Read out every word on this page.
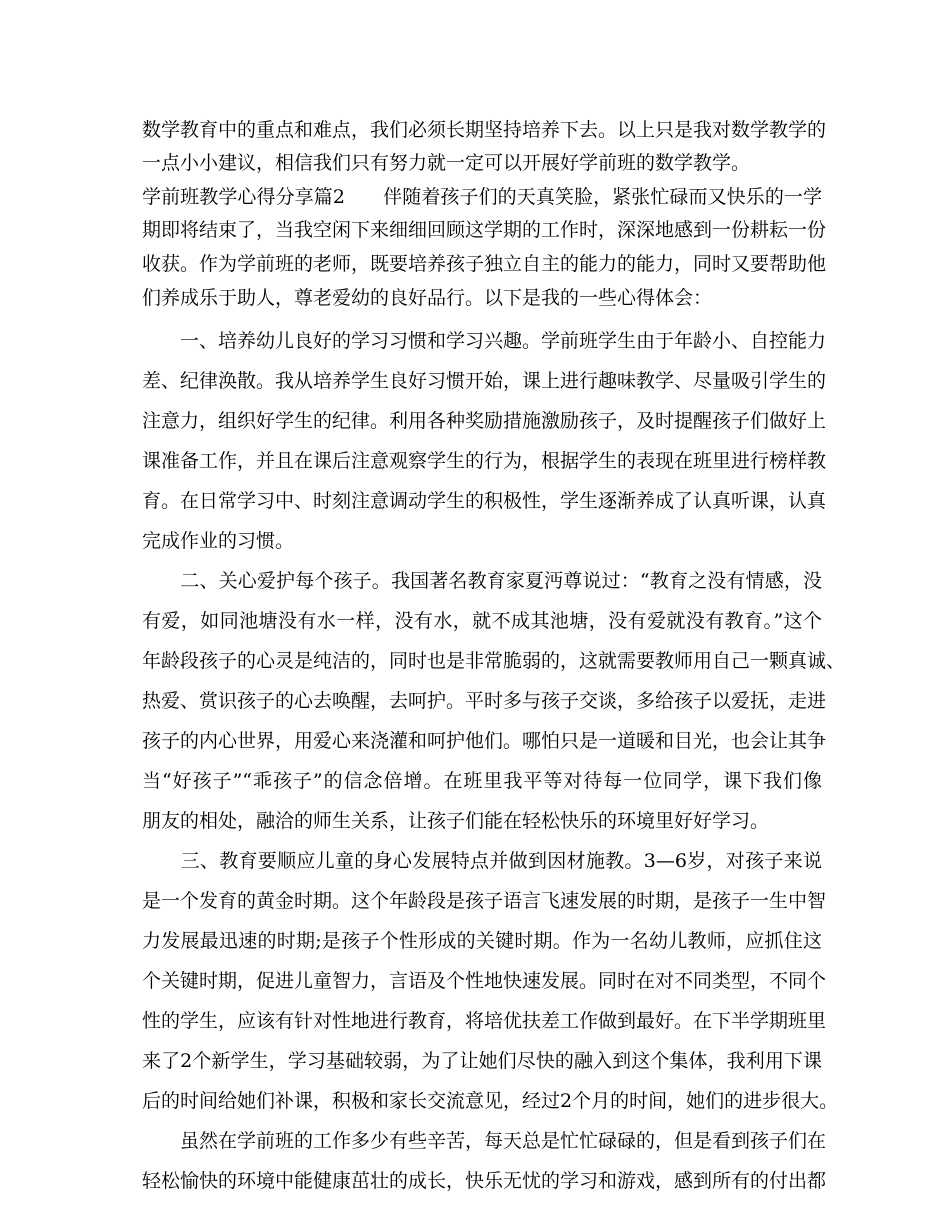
数学教育中的重点和难点，我们必须长期坚持培养下去。以上只是我对数学教学的
一点小小建议，相信我们只有努力就一定可以开展好学前班的数学教学。
学前班教学心得分享篇2　　伴随着孩子们的天真笑脸，紧张忙碌而又快乐的一学
期即将结束了，当我空闲下来细细回顾这学期的工作时，深深地感到一份耕耘一份
收获。作为学前班的老师，既要培养孩子独立自主的能力的能力，同时又要帮助他
们养成乐于助人，尊老爱幼的良好品行。以下是我的一些心得体会：
　　一、培养幼儿良好的学习习惯和学习兴趣。学前班学生由于年龄小、自控能力
差、纪律涣散。我从培养学生良好习惯开始，课上进行趣味教学、尽量吸引学生的
注意力，组织好学生的纪律。利用各种奖励措施激励孩子，及时提醒孩子们做好上
课准备工作，并且在课后注意观察学生的行为，根据学生的表现在班里进行榜样教
育。在日常学习中、时刻注意调动学生的积极性，学生逐渐养成了认真听课，认真
完成作业的习惯。
　　二、关心爱护每个孩子。我国著名教育家夏沔尊说过：“教育之没有情感，没
有爱，如同池塘没有水一样，没有水，就不成其池塘，没有爱就没有教育。”这个
年龄段孩子的心灵是纯洁的，同时也是非常脆弱的，这就需要教师用自己一颗真诚、
热爱、赏识孩子的心去唤醒，去呵护。平时多与孩子交谈，多给孩子以爱抚，走进
孩子的内心世界，用爱心来浇灌和呵护他们。哪怕只是一道暖和目光，也会让其争
当“好孩子”“乖孩子”的信念倍增。在班里我平等对待每一位同学，课下我们像
朋友的相处，融洽的师生关系，让孩子们能在轻松快乐的环境里好好学习。
　　三、教育要顺应儿童的身心发展特点并做到因材施教。3—6岁，对孩子来说
是一个发育的黄金时期。这个年龄段是孩子语言飞速发展的时期，是孩子一生中智
力发展最迅速的时期;是孩子个性形成的关键时期。作为一名幼儿教师，应抓住这
个关键时期，促进儿童智力，言语及个性地快速发展。同时在对不同类型，不同个
性的学生，应该有针对性地进行教育，将培优扶差工作做到最好。在下半学期班里
来了2个新学生，学习基础较弱，为了让她们尽快的融入到这个集体，我利用下课
后的时间给她们补课，积极和家长交流意见，经过2个月的时间，她们的进步很大。
　　虽然在学前班的工作多少有些辛苦，每天总是忙忙碌碌的，但是看到孩子们在
轻松愉快的环境中能健康茁壮的成长，快乐无忧的学习和游戏，感到所有的付出都
